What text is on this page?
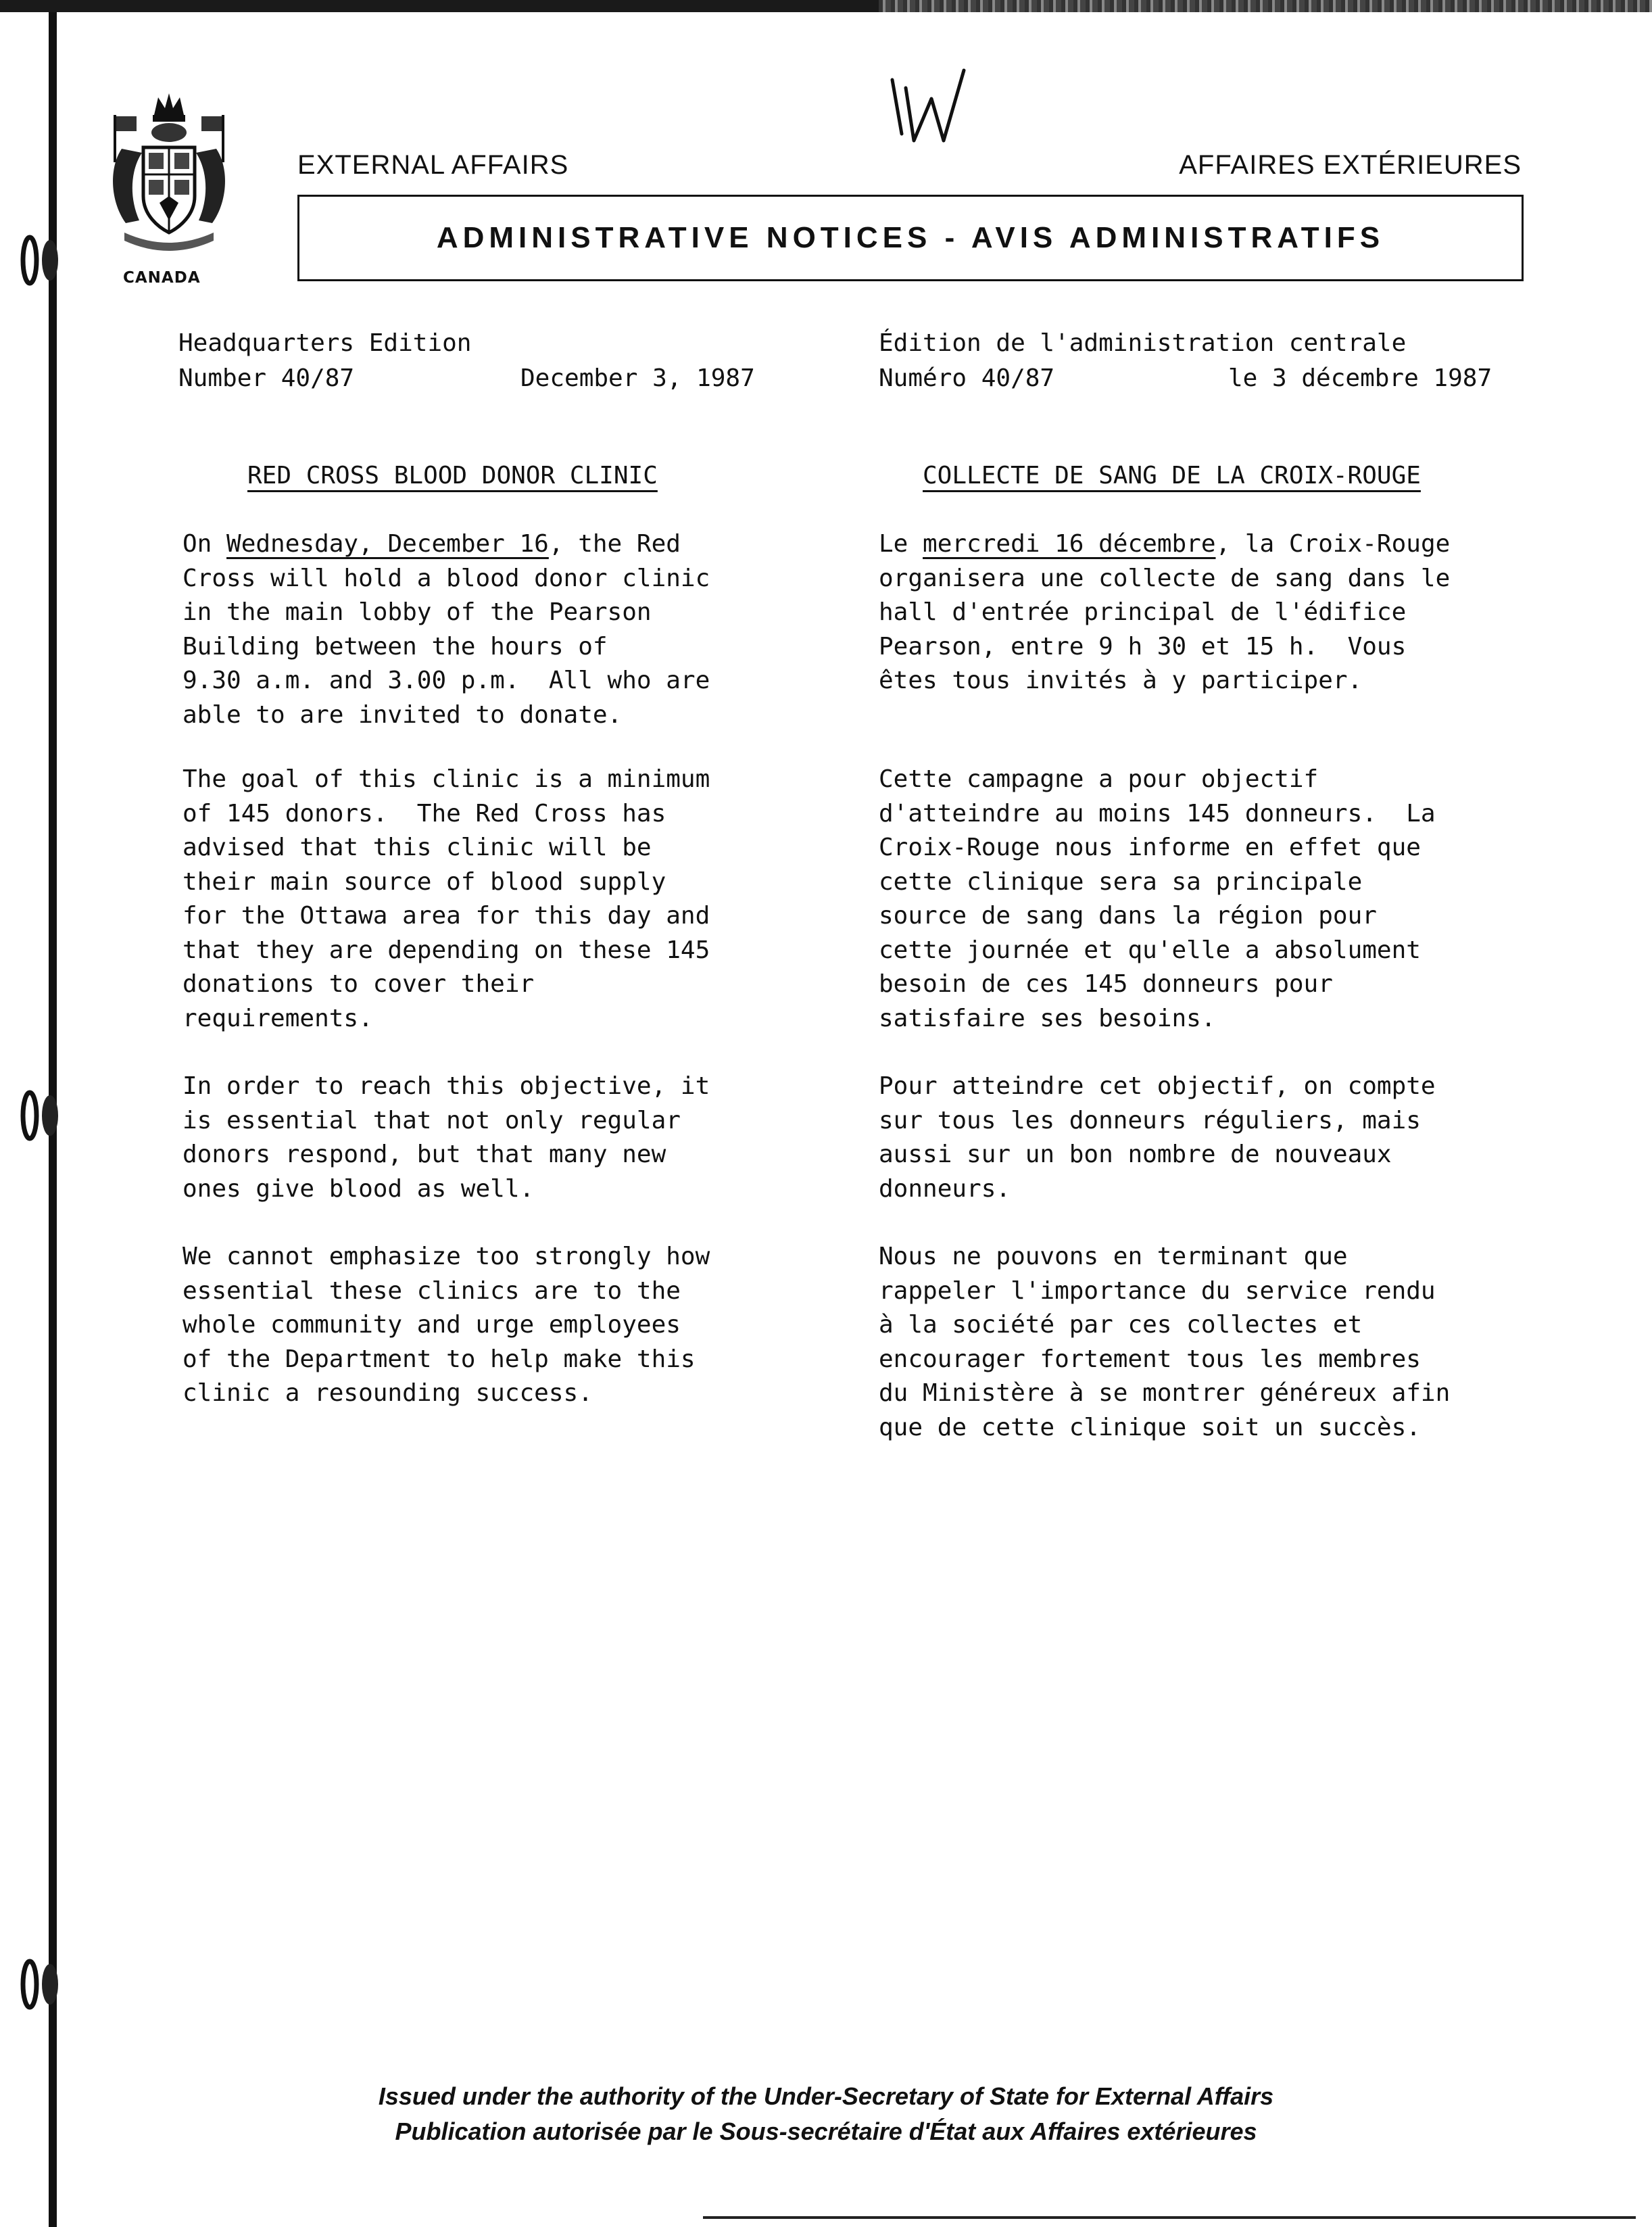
CANADA
EXTERNAL AFFAIRS	AFFAIRES EXTÉRIEURES
ADMINISTRATIVE NOTICES - AVIS ADMINISTRATIFS
Headquarters Edition
Number 40/87	December 3, 1987
Édition de l'administration centrale
Numéro 40/87	le 3 décembre 1987
RED CROSS BLOOD DONOR CLINIC	COLLECTE DE SANG DE LA CROIX-ROUGE
On Wednesday, December 16, the Red
Cross will hold a blood donor clinic
in the main lobby of the Pearson
Building between the hours of
9.30 a.m. and 3.00 p.m.  All who are
able to are invited to donate.
The goal of this clinic is a minimum
of 145 donors.  The Red Cross has
advised that this clinic will be
their main source of blood supply
for the Ottawa area for this day and
that they are depending on these 145
donations to cover their
requirements.
In order to reach this objective, it
is essential that not only regular
donors respond, but that many new
ones give blood as well.
We cannot emphasize too strongly how
essential these clinics are to the
whole community and urge employees
of the Department to help make this
clinic a resounding success.
Le mercredi 16 décembre, la Croix-Rouge
organisera une collecte de sang dans le
hall d'entrée principal de l'édifice
Pearson, entre 9 h 30 et 15 h.  Vous
êtes tous invités à y participer.
Cette campagne a pour objectif
d'atteindre au moins 145 donneurs.  La
Croix-Rouge nous informe en effet que
cette clinique sera sa principale
source de sang dans la région pour
cette journée et qu'elle a absolument
besoin de ces 145 donneurs pour
satisfaire ses besoins.
Pour atteindre cet objectif, on compte
sur tous les donneurs réguliers, mais
aussi sur un bon nombre de nouveaux
donneurs.
Nous ne pouvons en terminant que
rappeler l'importance du service rendu
à la société par ces collectes et
encourager fortement tous les membres
du Ministère à se montrer généreux afin
que de cette clinique soit un succès.
Issued under the authority of the Under-Secretary of State for External Affairs
Publication autorisée par le Sous-secrétaire d'État aux Affaires extérieures
